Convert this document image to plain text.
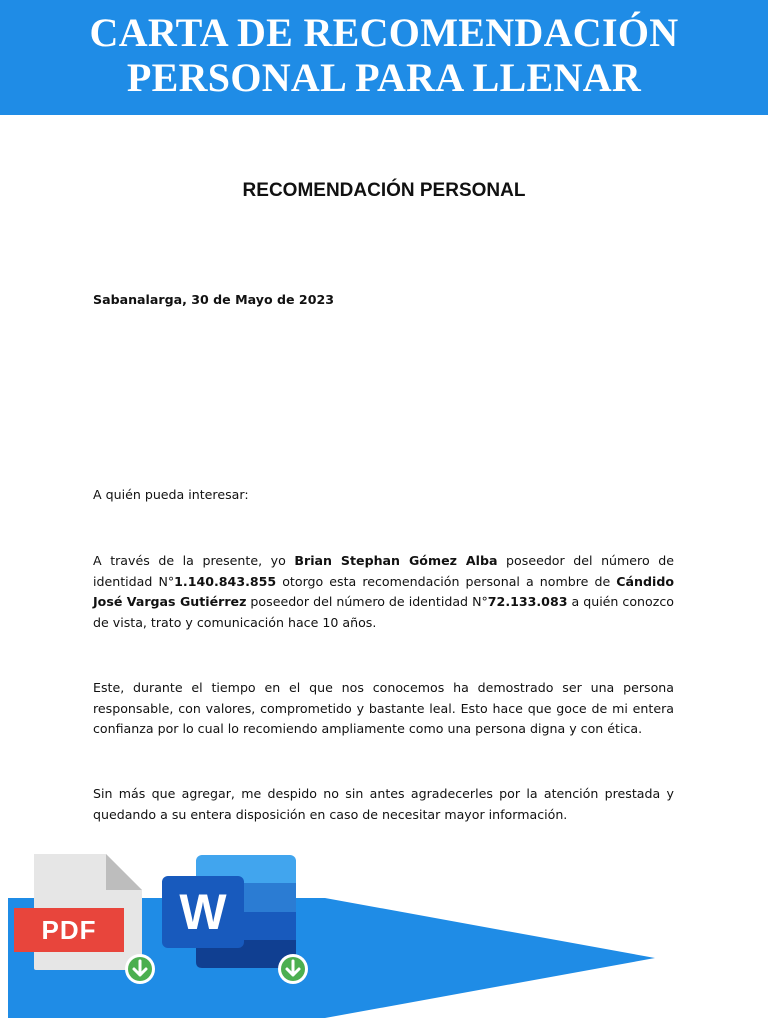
CARTA DE RECOMENDACIÓN
PERSONAL PARA LLENAR
RECOMENDACIÓN PERSONAL
Sabanalarga, 30 de Mayo de 2023
A quién pueda interesar:
A través de la presente, yo Brian Stephan Gómez Alba poseedor del número de identidad N°1.140.843.855 otorgo esta recomendación personal a nombre de Cándido José Vargas Gutiérrez poseedor del número de identidad N°72.133.083 a quién conozco de vista, trato y comunicación hace 10 años.
Este, durante el tiempo en el que nos conocemos ha demostrado ser una persona responsable, con valores, comprometido y bastante leal. Esto hace que goce de mi entera confianza por lo cual lo recomiendo ampliamente como una persona digna y con ética.
Sin más que agregar, me despido no sin antes agradecerles por la atención prestada y quedando a su entera disposición en caso de necesitar mayor información.
PDF	W
